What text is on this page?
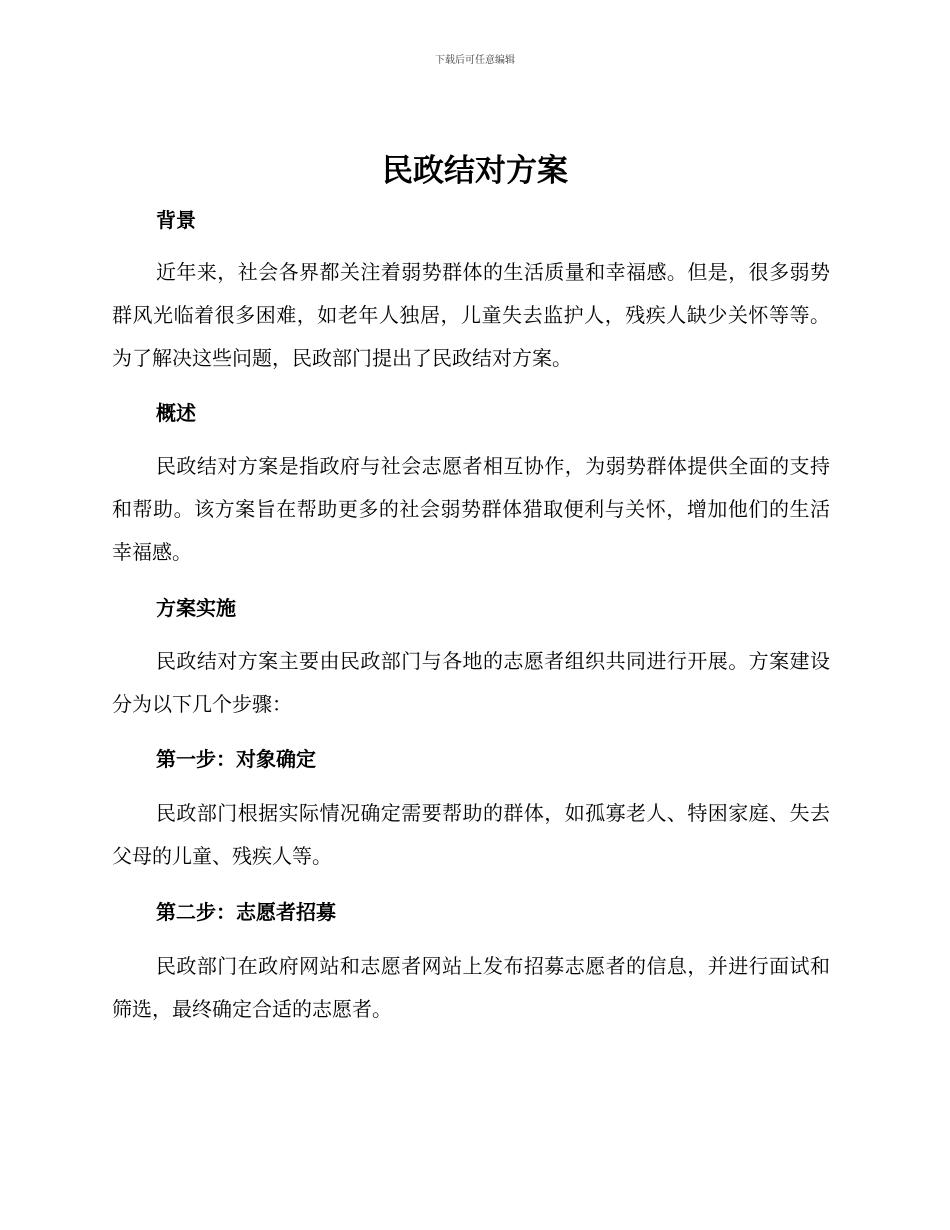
下载后可任意编辑
民政结对方案
背景

近年来，社会各界都关注着弱势群体的生活质量和幸福感。但是，很多弱势群风光临着很多困难，如老年人独居，儿童失去监护人，残疾人缺少关怀等等。为了解决这些问题，民政部门提出了民政结对方案。

概述

民政结对方案是指政府与社会志愿者相互协作，为弱势群体提供全面的支持和帮助。该方案旨在帮助更多的社会弱势群体猎取便利与关怀，增加他们的生活幸福感。

方案实施

民政结对方案主要由民政部门与各地的志愿者组织共同进行开展。方案建设分为以下几个步骤：

第一步：对象确定

民政部门根据实际情况确定需要帮助的群体，如孤寡老人、特困家庭、失去父母的儿童、残疾人等。

第二步：志愿者招募

民政部门在政府网站和志愿者网站上发布招募志愿者的信息，并进行面试和筛选，最终确定合适的志愿者。
